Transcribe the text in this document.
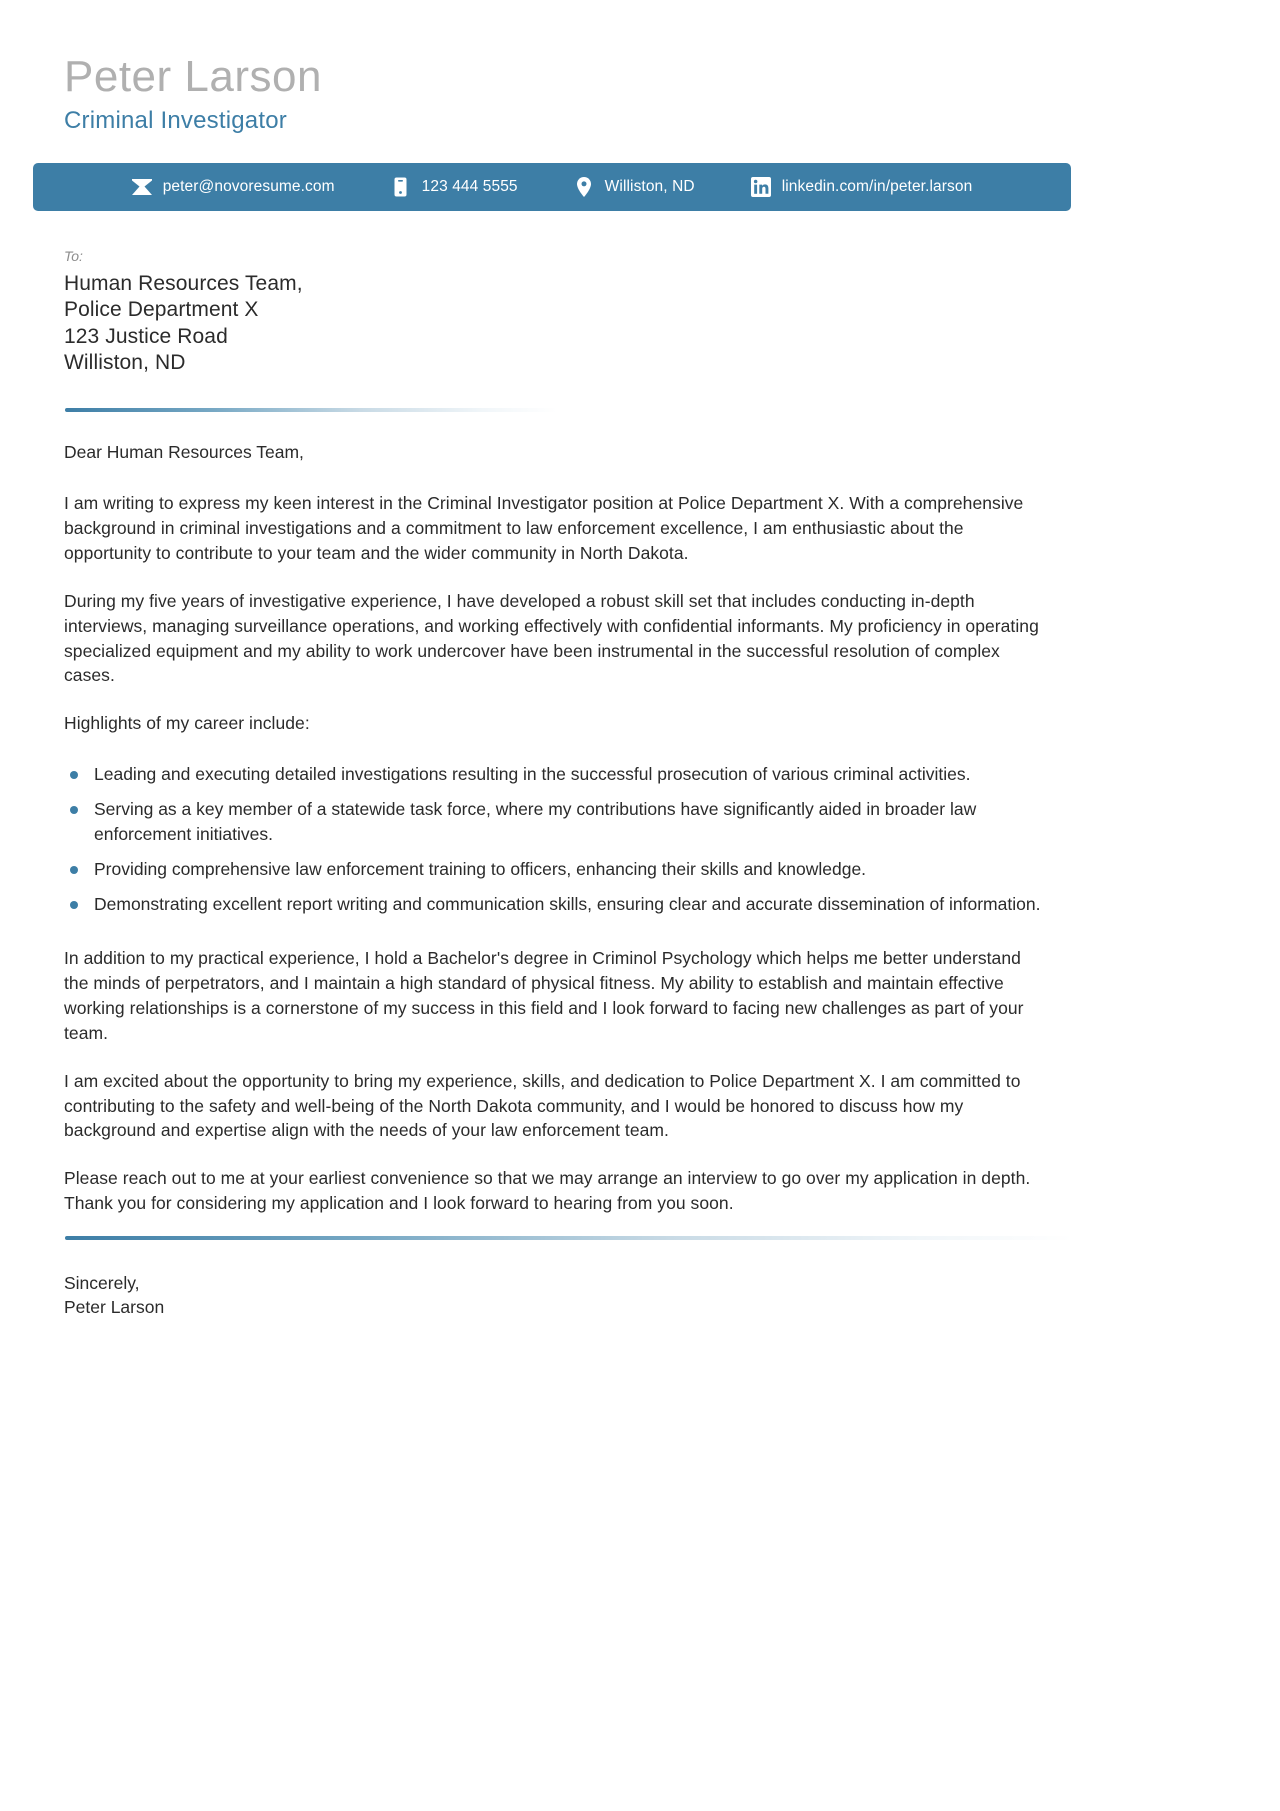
Peter Larson
Criminal Investigator
peter@novoresume.com	123 444 5555	Williston, ND	linkedin.com/in/peter.larson
To:
Human Resources Team,
Police Department X
123 Justice Road
Williston, ND

Dear Human Resources Team,

I am writing to express my keen interest in the Criminal Investigator position at Police Department X. With a comprehensive background in criminal investigations and a commitment to law enforcement excellence, I am enthusiastic about the opportunity to contribute to your team and the wider community in North Dakota.

During my five years of investigative experience, I have developed a robust skill set that includes conducting in-depth interviews, managing surveillance operations, and working effectively with confidential informants. My proficiency in operating specialized equipment and my ability to work undercover have been instrumental in the successful resolution of complex cases.

Highlights of my career include:

Leading and executing detailed investigations resulting in the successful prosecution of various criminal activities.
Serving as a key member of a statewide task force, where my contributions have significantly aided in broader law enforcement initiatives.
Providing comprehensive law enforcement training to officers, enhancing their skills and knowledge.
Demonstrating excellent report writing and communication skills, ensuring clear and accurate dissemination of information.

In addition to my practical experience, I hold a Bachelor's degree in Criminol Psychology which helps me better understand the minds of perpetrators, and I maintain a high standard of physical fitness. My ability to establish and maintain effective working relationships is a cornerstone of my success in this field and I look forward to facing new challenges as part of your team.

I am excited about the opportunity to bring my experience, skills, and dedication to Police Department X. I am committed to contributing to the safety and well-being of the North Dakota community, and I would be honored to discuss how my background and expertise align with the needs of your law enforcement team.

Please reach out to me at your earliest convenience so that we may arrange an interview to go over my application in depth. Thank you for considering my application and I look forward to hearing from you soon.

Sincerely,

Peter Larson
